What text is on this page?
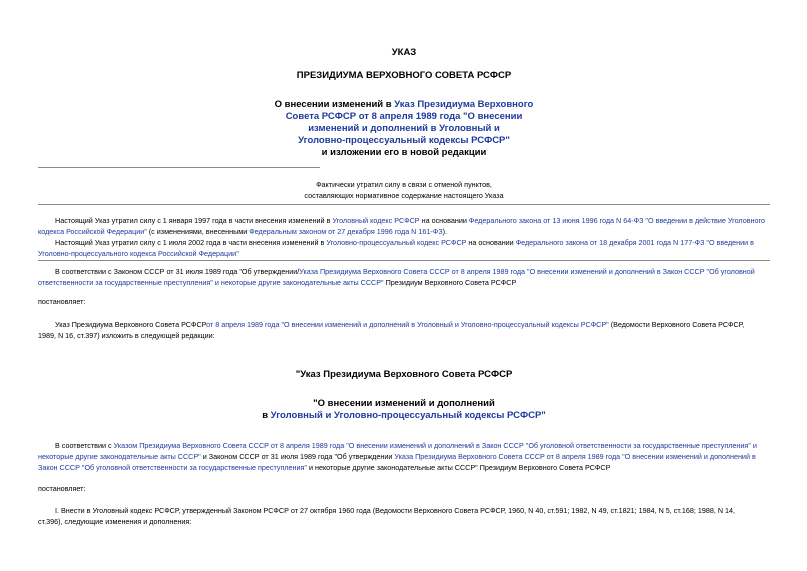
УКАЗ
ПРЕЗИДИУМА ВЕРХОВНОГО СОВЕТА РСФСР
О внесении изменений в Указ Президиума Верховного
Совета РСФСР от 8 апреля 1989 года "О внесении
изменений и дополнений в Уголовный и
Уголовно-процессуальный кодексы РСФСР"
и изложении его в новой редакции
Фактически утратил силу в связи с отменой пунктов,
составляющих нормативное содержание настоящего Указа
Настоящий Указ утратил силу с 1 января 1997 года в части внесения изменений в Уголовный кодекс РСФСР на основании Федерального закона от 13 июня 1996 года N 64-ФЗ "О введении в действие Уголовного
кодекса Российской Федерации" (с изменениями, внесенными Федеральным законом от 27 декабря 1996 года N 161-ФЗ).
Настоящий Указ утратил силу с 1 июля 2002 года в части внесения изменений в Уголовно-процессуальный кодекс РСФСР на основании Федерального закона от 18 декабря 2001 года N 177-ФЗ "О введении в
Уголовно-процессуального кодекса Российской Федерации"
В соответствии с Законом СССР от 31 июля 1989 года "Об утверждении/Указа Президиума Верховного Совета СССР от 8 апреля 1989 года "О внесении изменений и дополнений в Закон СССР "Об уголовной
ответственности за государственные преступления" и некоторые другие законодательные акты СССР" Президиум Верховного Совета РСФСР
постановляет:
Указ Президиума Верховного Совета РСФСРот 8 апреля 1989 года "О внесении изменений и дополнений в Уголовный и Уголовно-процессуальный кодексы РСФСР" (Ведомости Верховного Совета РСФСР,
1989, N 16, ст.397) изложить в следующей редакции:
"Указ Президиума Верховного Совета РСФСР
"О внесении изменений и дополнений
в Уголовный и Уголовно-процессуальный кодексы РСФСР"
В соответствии с Указом Президиума Верховного Совета СССР от 8 апреля 1989 года "О внесении изменений и дополнений в Закон СССР "Об уголовной ответственности за государственные преступления" и
некоторые другие законодательные акты СССР" и Законом СССР от 31 июля 1989 года "Об утверждении Указа Президиума Верховного Совета СССР от 8 апреля 1989 года "О внесении изменений и дополнений в
Закон СССР "Об уголовной ответственности за государственные преступления" и некоторые другие законодательные акты СССР" Президиум Верховного Совета РСФСР
постановляет:
I. Внести в Уголовный кодекс РСФСР, утвержденный Законом РСФСР от 27 октября 1960 года (Ведомости Верховного Совета РСФСР, 1960, N 40, ст.591; 1982, N 49, ст.1821; 1984, N 5, ст.168; 1988, N 14,
ст.396), следующие изменения и дополнения:
